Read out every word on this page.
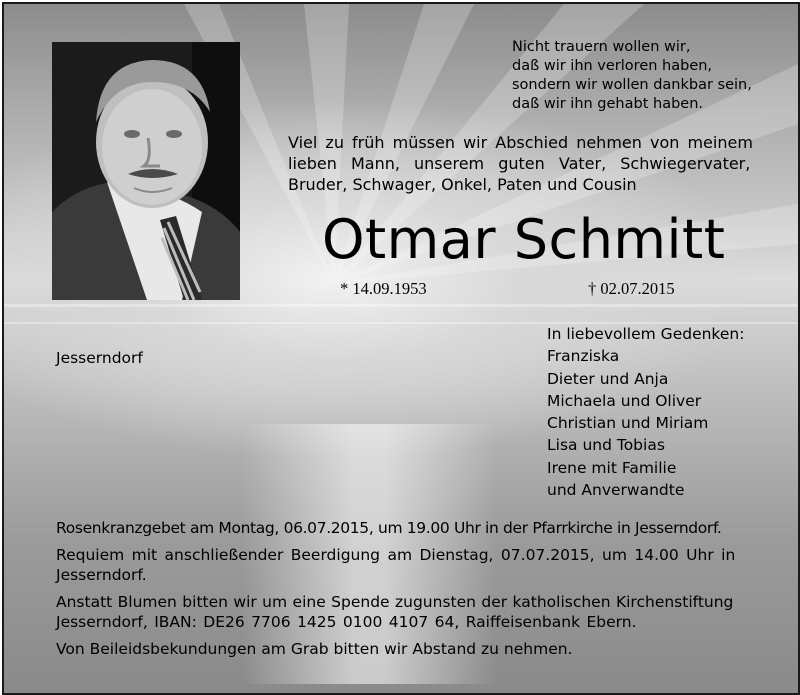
Nicht trauern wollen wir,
daß wir ihn verloren haben,
sondern wir wollen dankbar sein,
daß wir ihn gehabt haben.
Viel zu früh müssen wir Abschied nehmen von meinem
lieben Mann, unserem guten Vater, Schwiegervater,
Bruder, Schwager, Onkel, Paten und Cousin
Otmar Schmitt
* 14.09.1953	† 02.07.2015
Jesserndorf
In liebevollem Gedenken:
Franziska
Dieter und Anja
Michaela und Oliver
Christian und Miriam
Lisa und Tobias
Irene mit Familie
und Anverwandte
Rosenkranzgebet am Montag, 06.07.2015, um 19.00 Uhr in der Pfarrkirche in Jesserndorf.
Requiem mit anschließender Beerdigung am Dienstag, 07.07.2015, um 14.00 Uhr in
Jesserndorf.
Anstatt Blumen bitten wir um eine Spende zugunsten der katholischen Kirchenstiftung
Jesserndorf, IBAN: DE26 7706 1425 0100 4107 64, Raiffeisenbank Ebern.
Von Beileidsbekundungen am Grab bitten wir Abstand zu nehmen.
